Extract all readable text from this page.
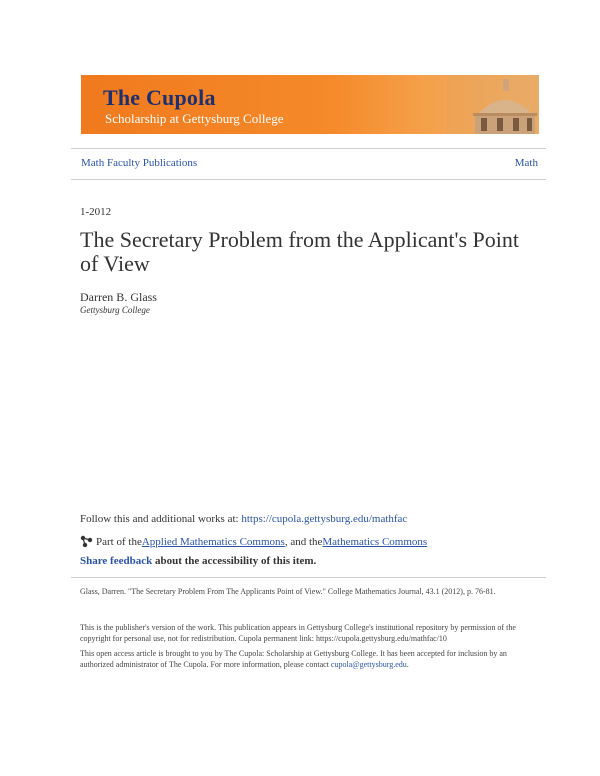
The Cupola
Scholarship at Gettysburg College
Math Faculty Publications	Math
1-2012
The Secretary Problem from the Applicant's Point of View
Darren B. Glass
Gettysburg College
Follow this and additional works at: https://cupola.gettysburg.edu/mathfac
Part of the Applied Mathematics Commons , and the Mathematics Commons
Share feedback about the accessibility of this item.
Glass, Darren. "The Secretary Problem From The Applicants Point of View." College Mathematics Journal, 43.1 (2012), p. 76-81.
This is the publisher's version of the work. This publication appears in Gettysburg College's institutional repository by permission of the copyright for personal use, not for redistribution. Cupola permanent link: https://cupola.gettysburg.edu/mathfac/10
This open access article is brought to you by The Cupola: Scholarship at Gettysburg College. It has been accepted for inclusion by an authorized administrator of The Cupola. For more information, please contact cupola@gettysburg.edu.
